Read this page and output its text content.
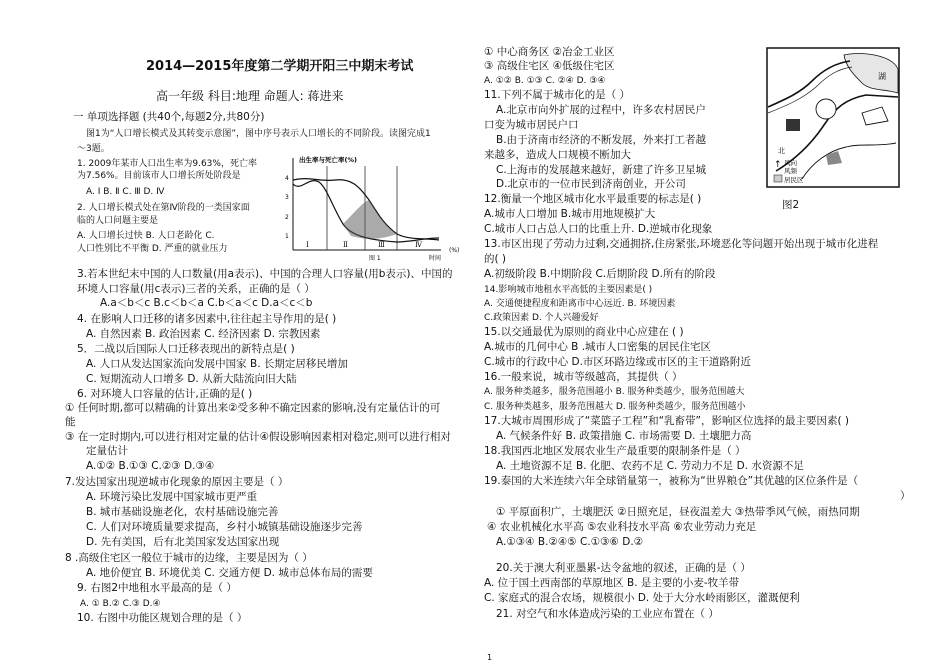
2014—2015年度第二学期开阳三中期末考试
高一年级 科目:地理 命题人: 蒋进来
一 单项选择题 (共40个,每题2分,共80分)
图1为“人口增长模式及其转变示意图”，图中序号表示人口增长的不同阶段。读图完成1
～3题。
1. 2009年某市人口出生率为9.63%，死亡率
为7.56%。目前该市人口增长所处阶段是
A. Ⅰ B. Ⅱ C. Ⅲ D. Ⅳ
2. 人口增长模式处在第Ⅳ阶段的一类国家面
临的人口问题主要是
A. 人口增长过快 B. 人口老龄化 C.
人口性别比不平衡 D. 严重的就业压力
3.若本世纪末中国的人口数量(用a表示)、中国的合理人口容量(用b表示)、中国的
环境人口容量(用c表示)三者的关系，正确的是（ ）
A.a＜b＜c B.c＜b＜a C.b＜a＜c D.a＜c＜b
4. 在影响人口迁移的诸多因素中,往往起主导作用的是( )
A. 自然因素 B. 政治因素 C. 经济因素 D. 宗教因素
5．二战以后国际人口迁移表现出的新特点是( )
A. 人口从发达国家流向发展中国家 B. 长期定居移民增加
C. 短期流动人口增多 D. 从新大陆流向旧大陆
6. 对环境人口容量的估计,正确的是( )
① 任何时期,都可以精确的计算出来②受多种不确定因素的影响,没有定量估计的可
能
③ 在一定时期内,可以进行相对定量的估计④假设影响因素相对稳定,则可以进行相对
定量估计
A.①② B.①③ C.②③ D.③④
7.发达国家出现逆城市化现象的原因主要是（ ）
A. 环境污染比发展中国家城市更严重
B. 城市基础设施老化，农村基础设施完善
C. 人们对环境质量要求提高，乡村小城镇基础设施逐步完善
D. 先有美国，后有北美国家发达国家出现
8 .高级住宅区一般位于城市的边缘，主要是因为（ ）
A. 地价便宜 B. 环境优美 C. 交通方便 D. 城市总体布局的需要
9. 右图2中地租水平最高的是（ ）
A. ① B.② C.③ D.④
10. 右图中功能区规划合理的是（ ）
出生率与死亡率(%)
4
3
2
1
Ⅰ	Ⅱ	Ⅲ	Ⅳ
(%)
时间
图 1
① 中心商务区 ②冶金工业区
③ 高级住宅区 ④低级住宅区
A. ①② B. ①③ C. ②④ D. ③④
11.下列不属于城市化的是（ ）
A.北京市向外扩展的过程中，许多农村居民户
口变为城市居民户口
B.由于济南市经济的不断发展，外来打工者越
来越多，造成人口规模不断加大
C.上海市的发展越来越好，新建了许多卫星城
D.北京市的一位市民到济南创业，开公司
12.衡量一个地区城市化水平最重要的标志是( )
A.城市人口增加 B.城市用地规模扩大
C.城市人口占总人口的比重上升. D.逆城市化现象
13.市区出现了劳动力过剩,交通拥挤,住房紧张,环境恶化等问题开始出现于城市化进程
的( )
A.初级阶段 B.中期阶段 C.后期阶段 D.所有的阶段
14.影响城市地租水平高低的主要因素是( )
A. 交通便捷程度和距离市中心远近. B. 环境因素
C.政策因素 D. 个人兴趣爱好
15.以交通最优为原则的商业中心应建在 ( )
A.城市的几何中心 B .城市人口密集的居民住宅区
C.城市的行政中心 D.市区环路边缘或市区的主干道路附近
16.一般来说，城市等级越高，其提供（ ）
A. 服务种类越多，服务范围越小 B. 服务种类越少，服务范围越大
C. 服务种类越多，服务范围越大 D. 服务种类越少，服务范围越小
17.大城市周围形成了“菜篮子工程”和“乳畜带”，影响区位选择的最主要因素( )
A. 气候条件好 B. 政策措施 C. 市场需要 D. 土壤肥力高
18.我国西北地区发展农业生产最重要的限制条件是（ ）
A. 土地资源不足 B. 化肥、农药不足 C. 劳动力不足 D. 水资源不足
19.泰国的大米连续六年全球销量第一，被称为“世界粮仓”其优越的区位条件是（
）
① 平原面积广，土壤肥沃 ②日照充足，昼夜温差大 ③热带季风气候，雨热同期
④ 农业机械化水平高 ⑤农业科技水平高 ⑥农业劳动力充足
A.①③④ B.②④⑤ C.①③⑥ D.②
20.关于澳大利亚墨累-达令盆地的叙述，正确的是（ ）
A. 位于国土西南部的草原地区 B. 是主要的小麦-牧羊带
C. 家庭式的混合农场，规模很小 D. 处于大分水岭雨影区，灌溉便利
21. 对空气和水体造成污染的工业应布置在（ ）
图2
湖
北
↑ 风向
风频
居民区
1
